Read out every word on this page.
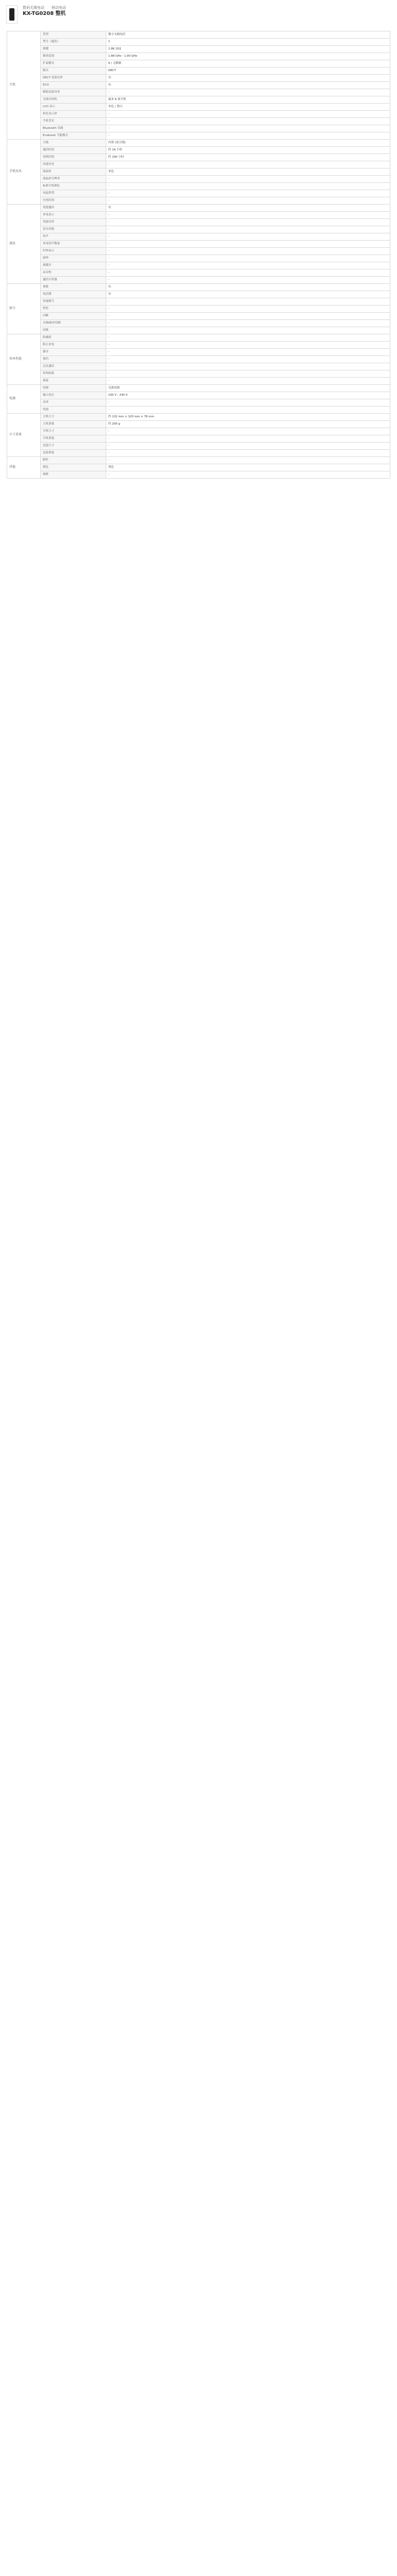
数码无绳电话　　移动电话
KX-TG0208 整机
主机	类型	数字无绳电话
	型号（通讯）	1
	按键	1.8K 2G1
	频率范围	1.88 GHz - 1.90 GHz
	扩展模式	6 / 无限制
	制式	DECT
	DECT 发射功率	有
	ECO	有
	降低发射功率	-
	无线对讲机	最多 6 部手机
	LCD 显示	单色 / 黑白
	彩色显示屏	-
	手机背光	-
	Bluetooth 功能	-
	Ecoboost 节能模式	-
手机技术	天线	内置 (双天线)
	通话时间	约 14 小时
	待机时间	约 190 小时
	高速充电	-
	液晶屏	单色
	液晶屏分辨率	-
	标准手机颜色	-
	电池类型	-
	充电时间	-
通话	免提通话	有
	来电显示	-
	免提对讲	-
	语音信箱	-
	铃声	-
	来电铃声数量	-
	时钟显示	-
	闹钟	-
	按键音	-
	录音机	-
	通话计时器	-
拨号	重拨	有
	电话簿	有
	快速拨号	-
	暂停	-
	闪断	-
	音频/脉冲切换	-
	回拨	-
基本性能	防骚扰	-
	阻止来电	-
	静音	-
	预约	-
	会议通话	-
	呼叫转移	-
	保留	-
电源	电源	交流电源
	输入电压	100 V - 240 V
	功率	-
	电池	-
尺寸重量	主机尺寸	约 132 mm × 103 mm × 78 mm
	主机重量	约 200 g
	手机尺寸	-
	手机重量	-
	包装尺寸	-
	包装重量	-
其他	附件	-
	颜色	黑色
	保修	-
